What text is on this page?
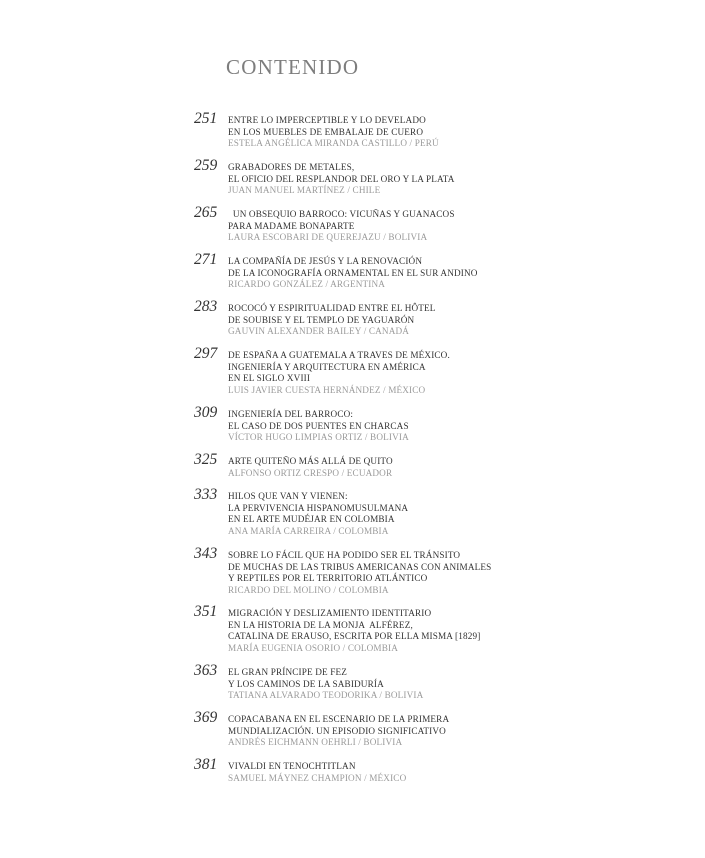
CONTENIDO
251 ENTRE LO IMPERCEPTIBLE Y LO DEVELADO
EN LOS MUEBLES DE EMBALAJE DE CUERO
ESTELA ANGÉLICA MIRANDA CASTILLO / PERÚ
259 GRABADORES DE METALES,
EL OFICIO DEL RESPLANDOR DEL ORO Y LA PLATA
JUAN MANUEL MARTÍNEZ / CHILE
265	UN OBSEQUIO BARROCO: VICUÑAS Y GUANACOS
PARA MADAME BONAPARTE
LAURA ESCOBARI DE QUEREJAZU / BOLIVIA
271 LA COMPAÑÍA DE JESÚS Y LA RENOVACIÓN
DE LA ICONOGRAFÍA ORNAMENTAL EN EL SUR ANDINO
RICARDO GONZÁLEZ / ARGENTINA
283 ROCOCÓ Y ESPIRITUALIDAD ENTRE EL HÔTEL
DE SOUBISE Y EL TEMPLO DE YAGUARÓN
GAUVIN ALEXANDER BAILEY / CANADÁ
297 DE ESPAÑA A GUATEMALA A TRAVES DE MÉXICO.
INGENIERÍA Y ARQUITECTURA EN AMÉRICA
EN EL SIGLO XVIII
LUIS JAVIER CUESTA HERNÁNDEZ / MÉXICO
309 INGENIERÍA DEL BARROCO:
EL CASO DE DOS PUENTES EN CHARCAS
VÍCTOR HUGO LIMPIAS ORTIZ / BOLIVIA
325 ARTE QUITEÑO MÁS ALLÁ DE QUITO
ALFONSO ORTIZ CRESPO / ECUADOR
333 HILOS QUE VAN Y VIENEN:
LA PERVIVENCIA HISPANOMUSULMANA
EN EL ARTE MUDÉJAR EN COLOMBIA
ANA MARÍA CARREIRA / COLOMBIA
343 SOBRE LO FÁCIL QUE HA PODIDO SER EL TRÁNSITO
DE MUCHAS DE LAS TRIBUS AMERICANAS CON ANIMALES
Y REPTILES POR EL TERRITORIO ATLÁNTICO
RICARDO DEL MOLINO / COLOMBIA
351 MIGRACIÓN Y DESLIZAMIENTO IDENTITARIO
EN LA HISTORIA DE LA MONJA  ALFÉREZ,
CATALINA DE ERAUSO, ESCRITA POR ELLA MISMA [1829]
MARÍA EUGENIA OSORIO / COLOMBIA
363 EL GRAN PRÍNCIPE DE FEZ
Y LOS CAMINOS DE LA SABIDURÍA
TATIANA ALVARADO TEODORIKA / BOLIVIA
369 COPACABANA EN EL ESCENARIO DE LA PRIMERA
MUNDIALIZACIÓN. UN EPISODIO SIGNIFICATIVO
ANDRÉS EICHMANN OEHRLI / BOLIVIA
381 VIVALDI EN TENOCHTITLAN
SAMUEL MÁYNEZ CHAMPION / MÉXICO
